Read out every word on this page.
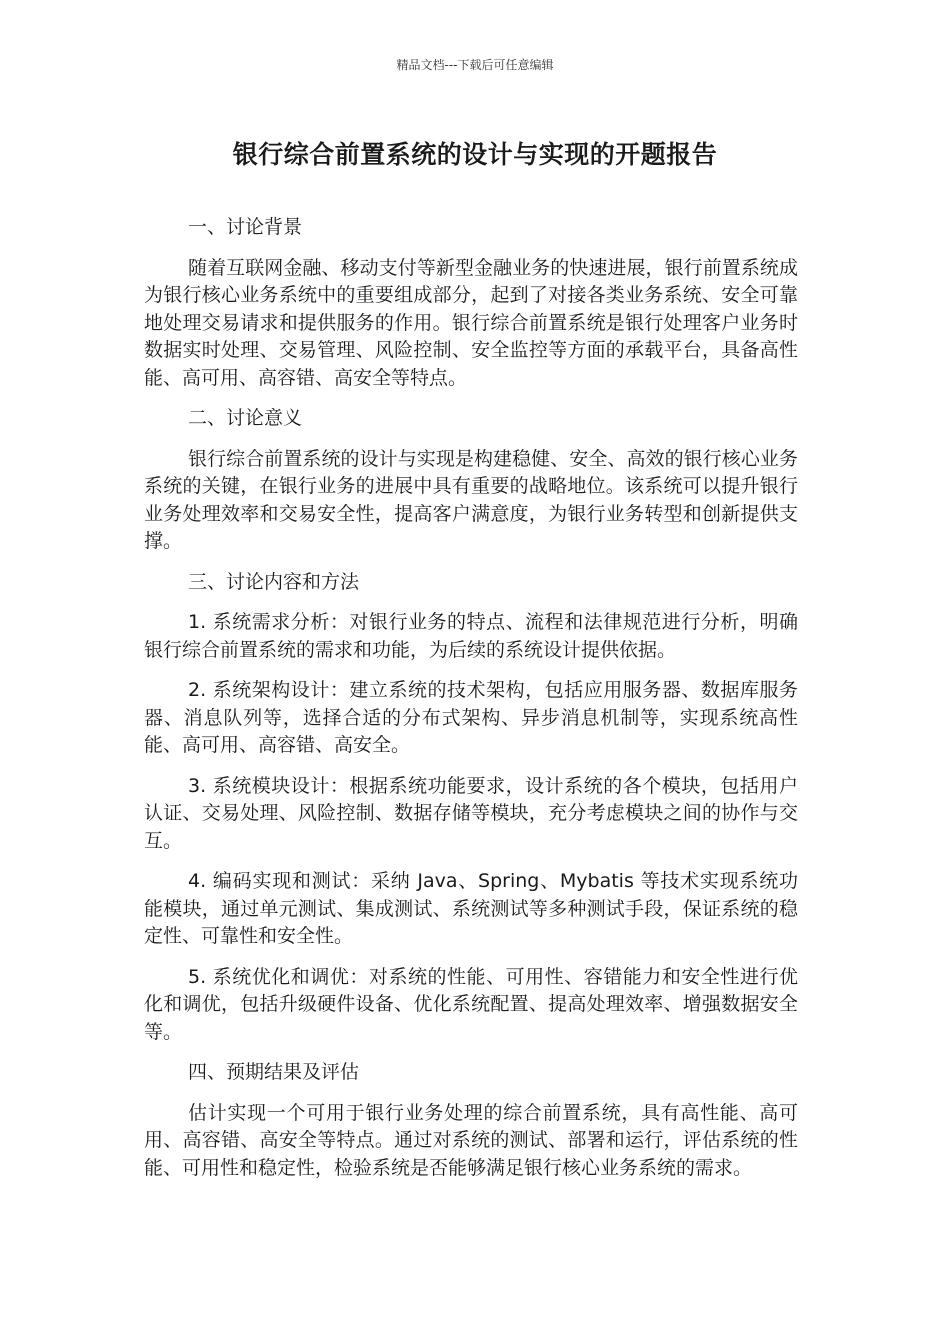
精品文档---下载后可任意编辑
银行综合前置系统的设计与实现的开题报告

一、讨论背景

随着互联网金融、移动支付等新型金融业务的快速进展，银行前置系统成为银行核心业务系统中的重要组成部分，起到了对接各类业务系统、安全可靠地处理交易请求和提供服务的作用。银行综合前置系统是银行处理客户业务时数据实时处理、交易管理、风险控制、安全监控等方面的承载平台，具备高性能、高可用、高容错、高安全等特点。

二、讨论意义

银行综合前置系统的设计与实现是构建稳健、安全、高效的银行核心业务系统的关键，在银行业务的进展中具有重要的战略地位。该系统可以提升银行业务处理效率和交易安全性，提高客户满意度，为银行业务转型和创新提供支撑。

三、讨论内容和方法

1. 系统需求分析：对银行业务的特点、流程和法律规范进行分析，明确银行综合前置系统的需求和功能，为后续的系统设计提供依据。

2. 系统架构设计：建立系统的技术架构，包括应用服务器、数据库服务器、消息队列等，选择合适的分布式架构、异步消息机制等，实现系统高性能、高可用、高容错、高安全。

3. 系统模块设计：根据系统功能要求，设计系统的各个模块，包括用户认证、交易处理、风险控制、数据存储等模块，充分考虑模块之间的协作与交互。

4. 编码实现和测试：采纳 Java、Spring、Mybatis 等技术实现系统功能模块，通过单元测试、集成测试、系统测试等多种测试手段，保证系统的稳定性、可靠性和安全性。

5. 系统优化和调优：对系统的性能、可用性、容错能力和安全性进行优化和调优，包括升级硬件设备、优化系统配置、提高处理效率、增强数据安全等。

四、预期结果及评估

估计实现一个可用于银行业务处理的综合前置系统，具有高性能、高可用、高容错、高安全等特点。通过对系统的测试、部署和运行，评估系统的性能、可用性和稳定性，检验系统是否能够满足银行核心业务系统的需求。
